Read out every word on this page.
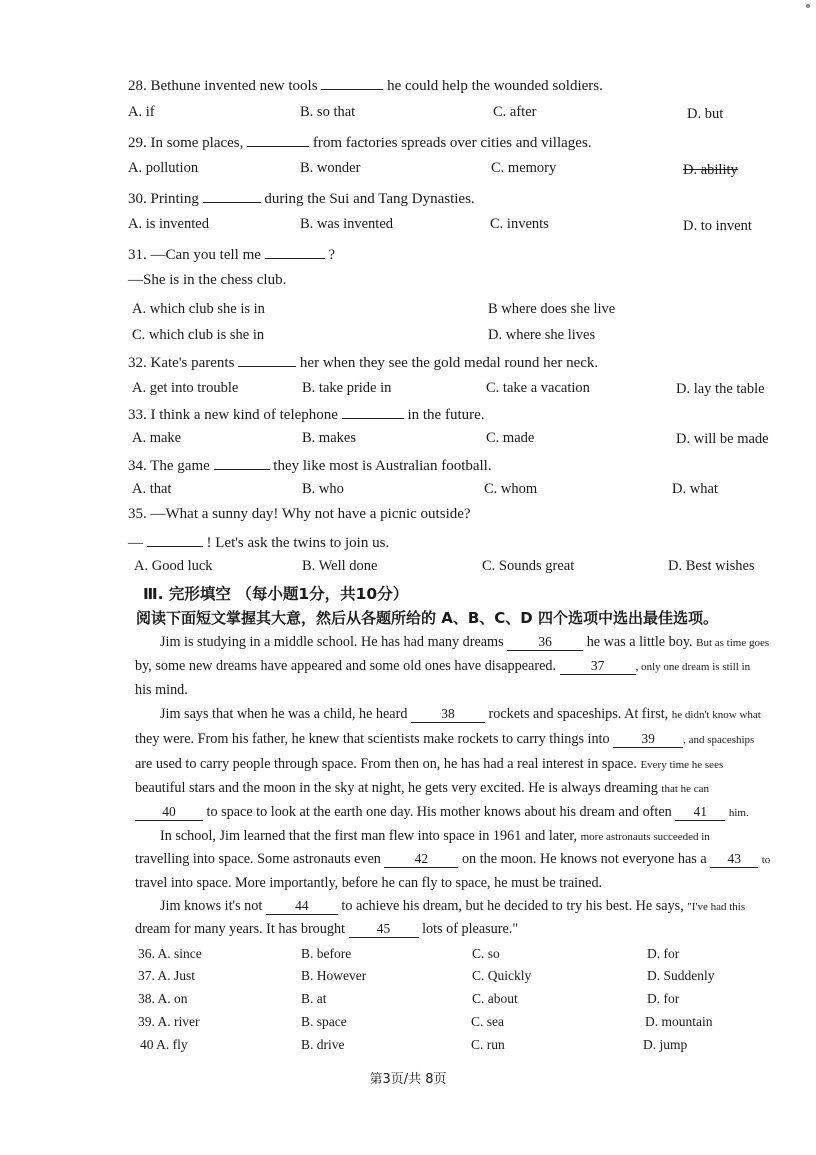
28. Bethune invented new tools	he could help the wounded soldiers.
A. if	B. so that	C. after	D. but
29. In some places,	from factories spreads over cities and villages.
A. pollution	B. wonder	C. memory	D. ability
30. Printing	during the Sui and Tang Dynasties.
A. is invented	B. was invented	C. invents	D. to invent
31. —Can you tell me	?
—She is in the chess club.
A. which club she is in	B where does she live
C. which club is she in	D. where she lives
32. Kate's parents	her when they see the gold medal round her neck.
A. get into trouble	B. take pride in	C. take a vacation	D. lay the table
33. I think a new kind of telephone	in the future.
A. make	B. makes	C. made	D. will be made
34. The game	they like most is Australian football.
A. that	B. who	C. whom	D. what
35. —What a sunny day! Why not have a picnic outside?
—	! Let's ask the twins to join us.
A. Good luck	B. Well done	C. Sounds great	D. Best wishes
Ⅲ. 完形填空 （每小题1分，共10分）
阅读下面短文掌握其大意，然后从各题所给的 A、B、C、D 四个选项中选出最佳选项。
Jim is studying in a middle school. He has had many dreams	36 he was a little boy. But as time goes
by, some new dreams have appeared and some old ones have disappeared.	37	, only one dream is still in
his mind.
Jim says that when he was a child, he heard	38 rockets and spaceships. At first, he didn't know what
they were. From his father, he knew that scientists make rockets to carry things into 39	, and spaceships
are used to carry people through space. From then on, he has had a real interest in space. Every time he sees
beautiful stars and the moon in the sky at night, he gets very excited. He is always dreaming that he can
40 to space to look at the earth one day. His mother knows about his dream and often 41 him.
In school, Jim learned that the first man flew into space in 1961 and later, more astronauts succeeded in
travelling into space. Some astronauts even	42 on the moon. He knows not everyone has a 43 to
travel into space. More importantly, before he can fly to space, he must be trained.
Jim knows it's not 44 to achieve his dream, but he decided to try his best. He says, "I've had this
dream for many years. It has brought 45 lots of pleasure."
36. A. since	B. before	C. so	D. for
37. A. Just	B. However	C. Quickly	D. Suddenly
38. A. on	B. at	C. about	D. for
39. A. river	B. space	C. sea	D. mountain
40 A. fly	B. drive	C. run	D. jump
第3页/共 8页
